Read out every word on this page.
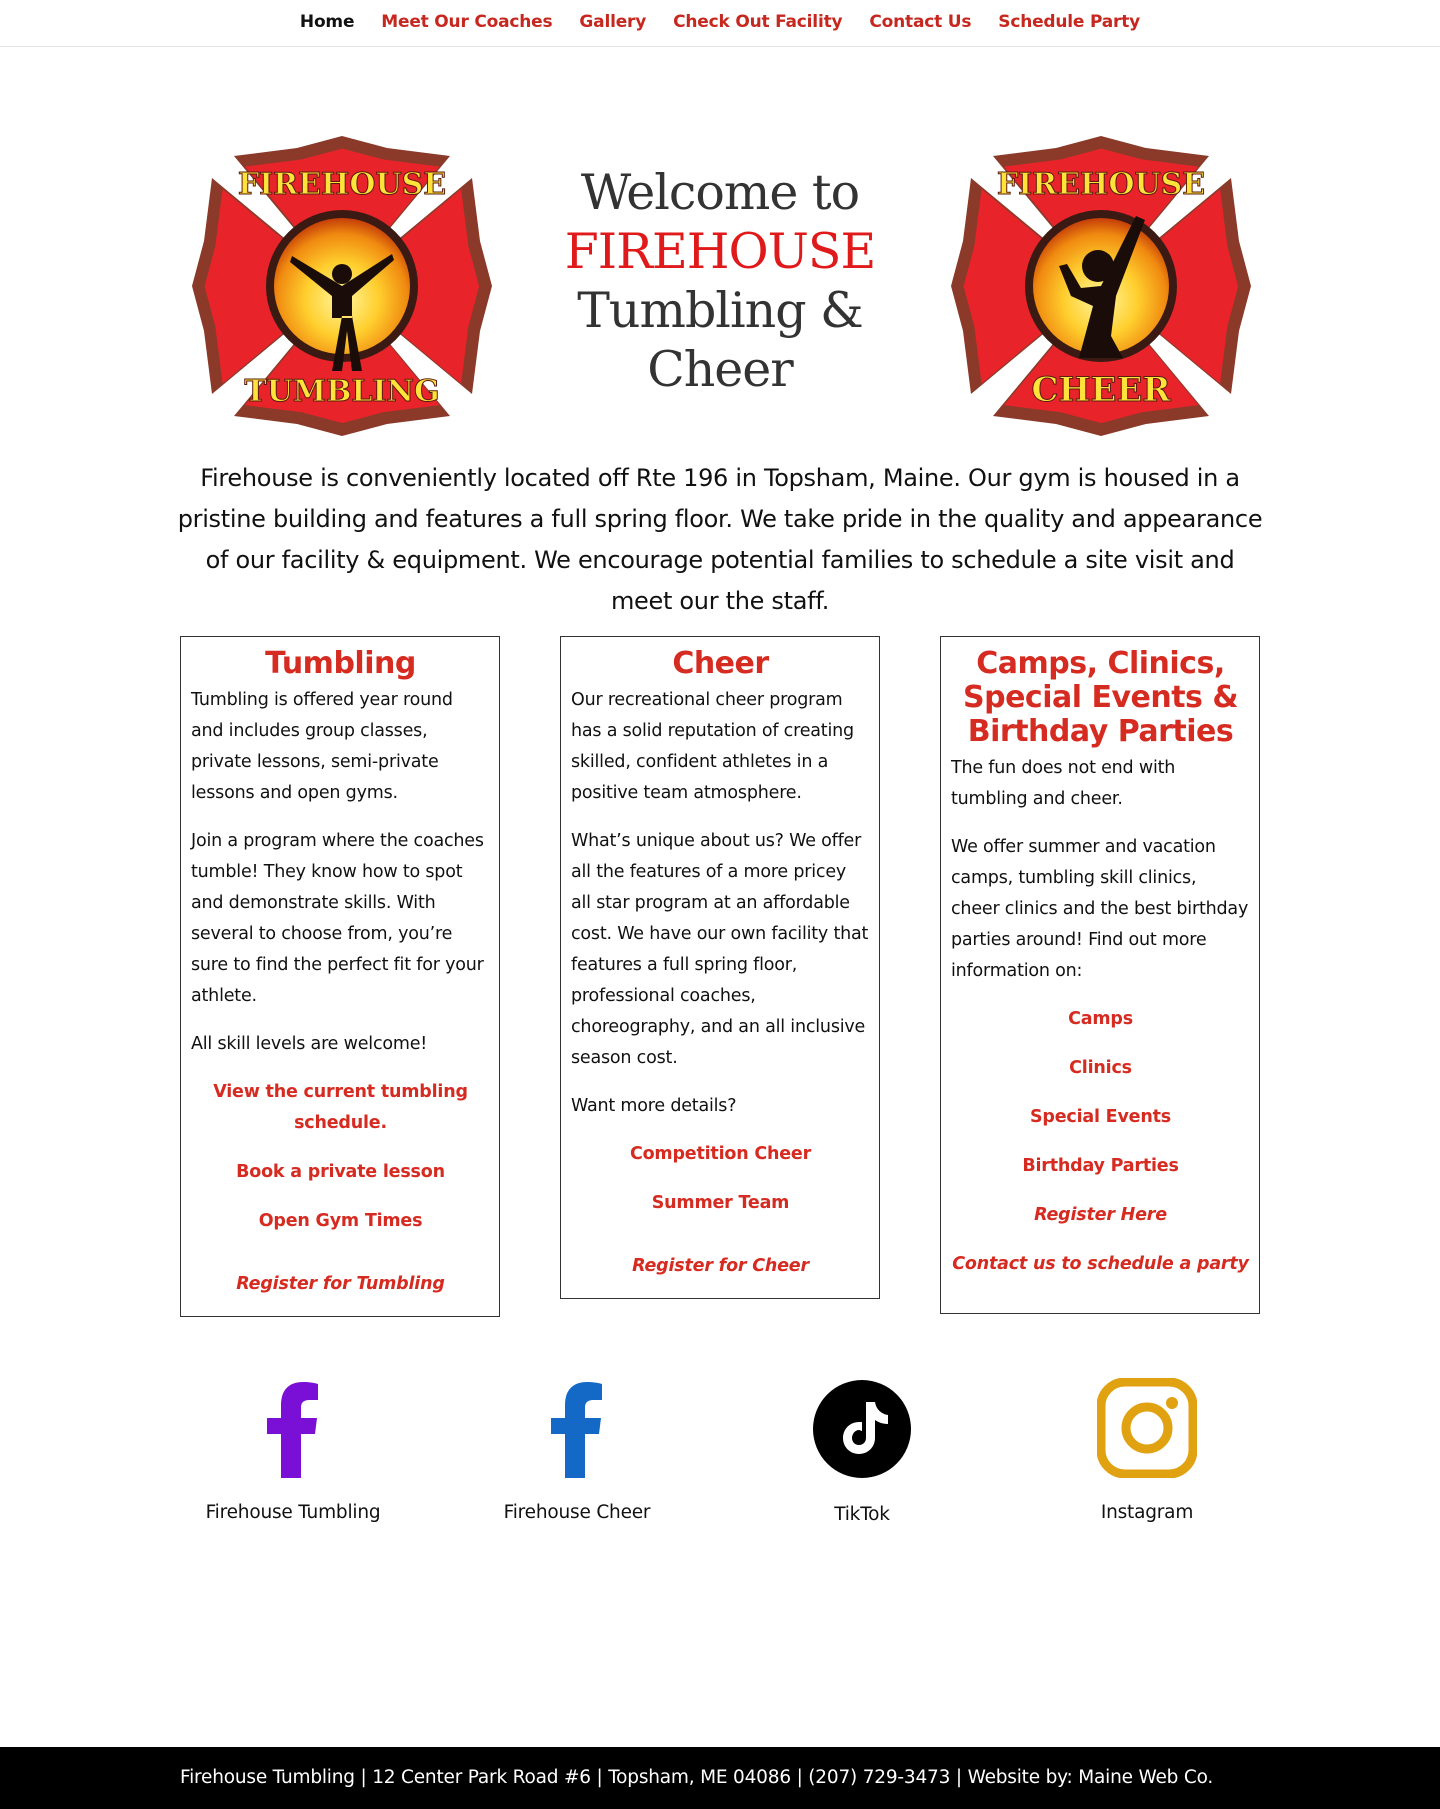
Home Meet Our Coaches Gallery Check Out Facility Contact Us Schedule Party
FIREHOUSE
TUMBLING
Welcome to
FIREHOUSE
Tumbling &
Cheer
FIREHOUSE
CHEER

Firehouse is conveniently located off Rte 196 in Topsham, Maine. Our gym is housed in a pristine building and features a full spring floor. We take pride in the quality and appearance of our facility & equipment. We encourage potential families to schedule a site visit and meet our the staff.

Tumbling

Tumbling is offered year round and includes group classes, private lessons, semi-private lessons and open gyms.

Join a program where the coaches tumble! They know how to spot and demonstrate skills. With several to choose from, you’re sure to find the perfect fit for your athlete.

All skill levels are welcome!

View the current tumbling schedule.
Book a private lesson
Open Gym Times
Register for Tumbling
Cheer

Our recreational cheer program has a solid reputation of creating skilled, confident athletes in a positive team atmosphere.

What’s unique about us? We offer all the features of a more pricey all star program at an affordable cost. We have our own facility that features a full spring floor, professional coaches, choreography, and an all inclusive season cost.

Want more details?

Competition Cheer
Summer Team
Register for Cheer
Camps, Clinics, Special Events & Birthday Parties

The fun does not end with tumbling and cheer.

We offer summer and vacation camps, tumbling skill clinics, cheer clinics and the best birthday parties around! Find out more information on:

Camps
Clinics
Special Events
Birthday Parties
Register Here
Contact us to schedule a party
Firehouse Tumbling	Firehouse Cheer	TikTok	Instagram
Firehouse Tumbling | 12 Center Park Road #6 | Topsham, ME 04086 | (207) 729-3473 | Website by: Maine Web Co.
